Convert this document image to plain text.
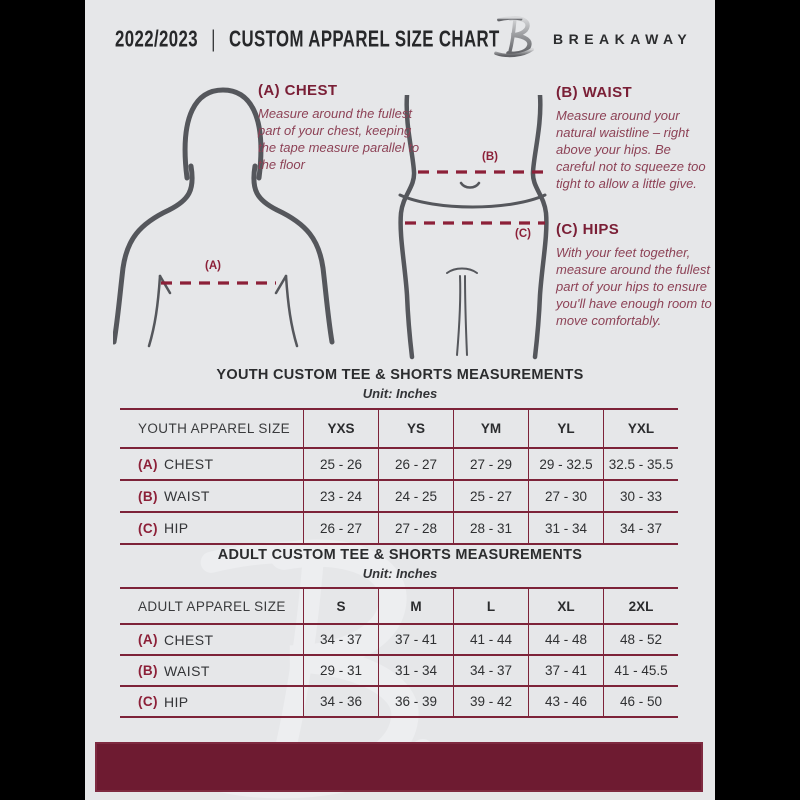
2022/2023 | CUSTOM APPAREL SIZE CHART	BREAKAWAY
(A)
(B)
(C)

(A) CHEST

Measure around the fullest part of your chest, keeping the tape measure parallel to the floor

(B) WAIST

Measure around your natural waistline – right above your hips. Be careful not to squeeze too tight to allow a little give.

(C) HIPS

With your feet together, measure around the fullest part of your hips to ensure you'll have enough room to move comfortably.

YOUTH CUSTOM TEE & SHORTS MEASUREMENTS
Unit: Inches
YOUTH APPAREL SIZE	YXS	YS	YM	YL	YXL
(A) CHEST	25 - 26	26 - 27	27 - 29	29 - 32.5	32.5 - 35.5
(B) WAIST	23 - 24	24 - 25	25 - 27	27 - 30	30 - 33
(C) HIP	26 - 27	27 - 28	28 - 31	31 - 34	34 - 37
ADULT CUSTOM TEE & SHORTS MEASUREMENTS
Unit: Inches
ADULT APPAREL SIZE	S	M	L	XL	2XL
(A) CHEST	34 - 37	37 - 41	41 - 44	44 - 48	48 - 52
(B) WAIST	29 - 31	31 - 34	34 - 37	37 - 41	41 - 45.5
(C) HIP	34 - 36	36 - 39	39 - 42	43 - 46	46 - 50
